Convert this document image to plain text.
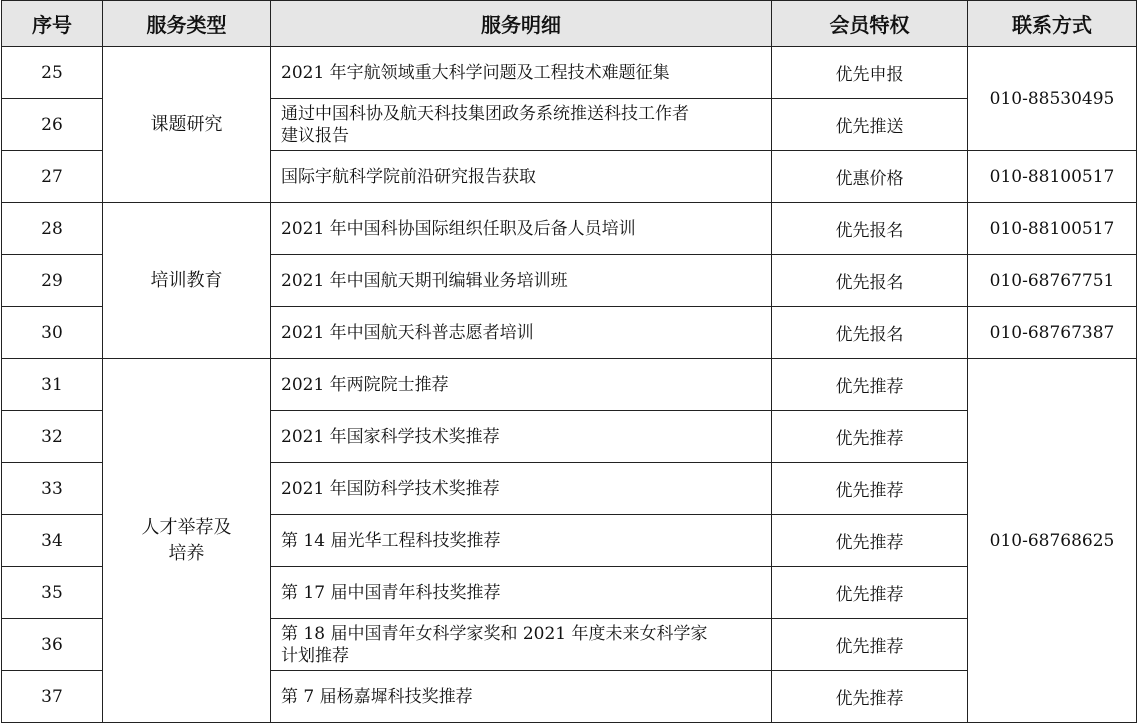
序号	服务类型	服务明细	会员特权	联系方式
25	课题研究	2021 年宇航领域重大科学问题及工程技术难题征集	优先申报	010-88530495
26		通过中国科协及航天科技集团政务系统推送科技工作者
建议报告	优先推送	
27		国际宇航科学院前沿研究报告获取	优惠价格	010-88100517
28	培训教育	2021 年中国科协国际组织任职及后备人员培训	优先报名	010-88100517
29		2021 年中国航天期刊编辑业务培训班	优先报名	010-68767751
30		2021 年中国航天科普志愿者培训	优先报名	010-68767387
31	人才举荐及
培养	2021 年两院院士推荐	优先推荐	010-68768625
32		2021 年国家科学技术奖推荐	优先推荐	
33		2021 年国防科学技术奖推荐	优先推荐	
34		第 14 届光华工程科技奖推荐	优先推荐	
35		第 17 届中国青年科技奖推荐	优先推荐	
36		第 18 届中国青年女科学家奖和 2021 年度未来女科学家
计划推荐	优先推荐	
37		第 7 届杨嘉墀科技奖推荐	优先推荐	
